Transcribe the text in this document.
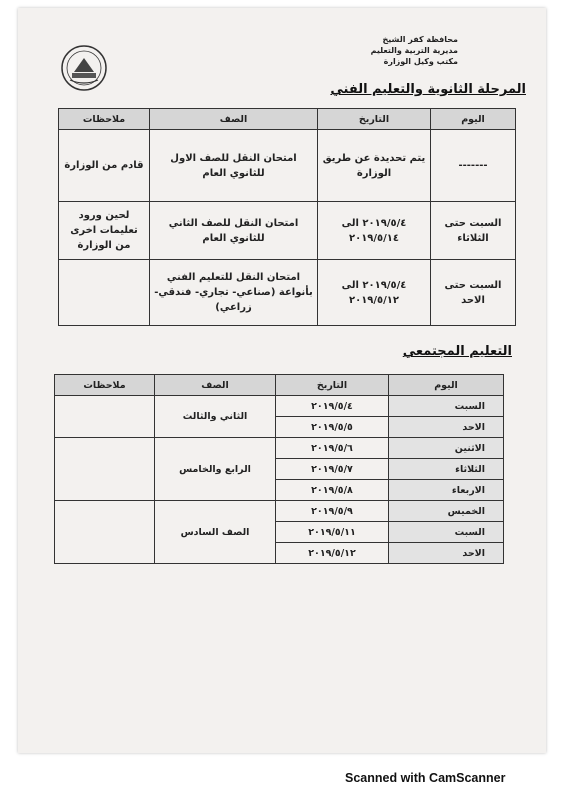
محافظة كفر الشيخ
مديرية التربية والتعليم
مكتب وكيل الوزارة
المرحلة الثانوية والتعليم الفني
اليوم	التاريخ	الصف	ملاحظات
-------	يتم تحديدة عن طريق الوزارة	امتحان النقل للصف الاول للثانوي العام	قادم من الوزارة
السبت حتى الثلاثاء	٢٠١٩/٥/٤ الى ٢٠١٩/٥/١٤	امتحان النقل للصف الثاني للثانوي العام	لحين ورود تعليمات اخرى من الوزارة
السبت حتى الاحد	٢٠١٩/٥/٤ الى ٢٠١٩/٥/١٢	امتحان النقل للتعليم الفني بأنواعة (صناعي- تجاري- فندقي- زراعي)	
التعليم المجتمعي
اليوم	التاريخ	الصف	ملاحظات
السبت	٢٠١٩/٥/٤	الثاني والثالث	
الاحد	٢٠١٩/٥/٥		
الاثنين	٢٠١٩/٥/٦	الرابع والخامس	
الثلاثاء	٢٠١٩/٥/٧		
الاربعاء	٢٠١٩/٥/٨		
الخميس	٢٠١٩/٥/٩	الصف السادس	
السبت	٢٠١٩/٥/١١		
الاحد	٢٠١٩/٥/١٢		
Scanned with CamScanner
